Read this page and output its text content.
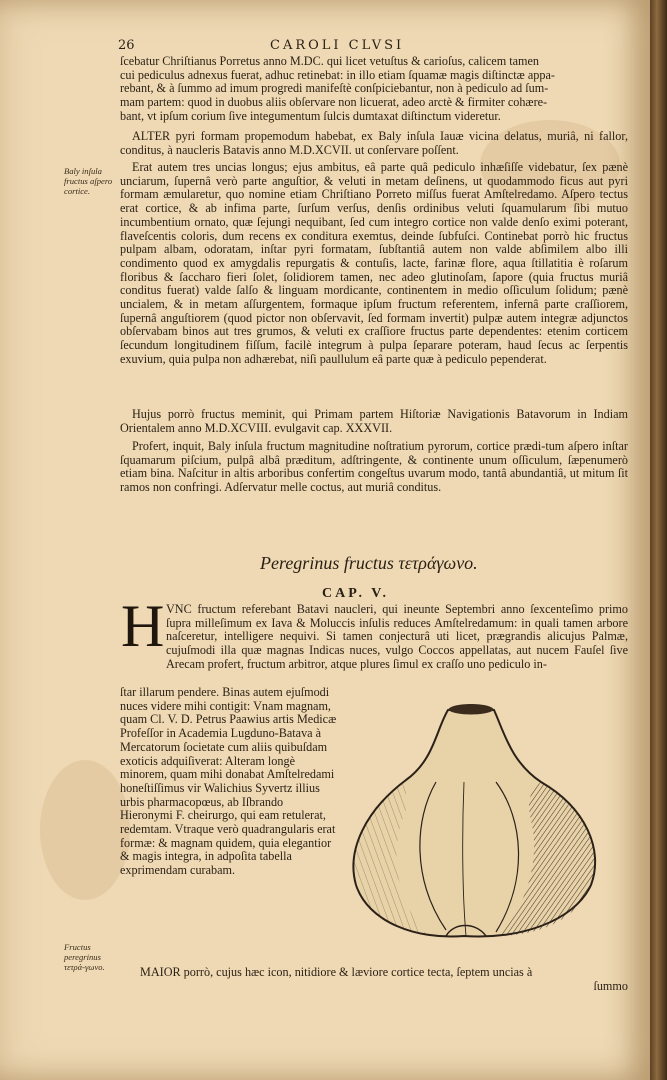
26	CAROLI CLVSI

ſcebatur Chriſtianus Porretus anno M.DC. qui licet vetuſtus & carioſus, calicem tamen

cui pediculus adnexus fuerat, adhuc retinebat: in illo etiam ſquamæ magis diſtinctæ appa-

rebant, & à ſummo ad imum progredi manifeſtè conſpiciebantur, non à pediculo ad ſum-

mam partem: quod in duobus aliis obſervare non licuerat, adeo arctè & firmiter cohære-

bant, vt ipſum corium ſive integumentum ſulcis dumtaxat diſtinctum videretur.

ALTER pyri formam propemodum habebat, ex Baly inſula Iauæ vicina delatus, muriâ, ni fallor, conditus, à naucleris Batavis anno M.D.XCVII. ut conſervare poſſent.

Baly inſula fructus aſpero cortice.

Erat autem tres uncias longus; ejus ambitus, eâ parte quâ pediculo inhæſiſſe videbatur, ſex pænè unciarum, ſupernâ verò parte anguſtior, & veluti in metam deſinens, ut quodammodo ficus aut pyri formam æmularetur, quo nomine etiam Chriſtiano Porreto miſſus fuerat Amſtelredamo. Aſpero tectus erat cortice, & ab infima parte, ſurſum verſus, denſis ordinibus veluti ſquamularum ſibi mutuo incumbentium ornato, quæ ſejungi nequibant, ſed cum integro cortice non valde denſo eximi poterant, flaveſcentis coloris, dum recens ex conditura exemtus, deinde ſubfuſci. Continebat porrò hic fructus pulpam albam, odoratam, inſtar pyri formatam, ſubſtantiâ autem non valde abſimilem albo illi condimento quod ex amygdalis repurgatis & contuſis, lacte, farinæ flore, aqua ſtillatitia è roſarum floribus & ſaccharo fieri ſolet, ſolidiorem tamen, nec adeo glutinoſam, ſapore (quia fructus muriâ conditus fuerat) valde ſalſo & linguam mordicante, continentem in medio oſſiculum ſolidum; pænè uncialem, & in metam aſſurgentem, formaque ipſum fructum referentem, infernâ parte craſſiorem, ſupernâ anguſtiorem (quod pictor non obſervavit, ſed formam invertit) pulpæ autem integræ adjunctos obſervabam binos aut tres grumos, & veluti ex craſſiore fructus parte dependentes: etenim corticem ſecundum longitudinem fiſſum, facilè integrum à pulpa ſeparare poteram, haud ſecus ac ſerpentis exuvium, quia pulpa non adhærebat, niſi paullulum eâ parte quæ à pediculo pependerat.

Hujus porrò fructus meminit, qui Primam partem Hiſtoriæ Navigationis Batavorum in Indiam Orientalem anno M.D.XCVIII. evulgavit cap. XXXVII.

Profert, inquit, Baly inſula fructum magnitudine noſtratium pyrorum, cortice prædi-tum aſpero inſtar ſquamarum piſcium, pulpâ albâ præditum, adſtringente, & continente unum oſſiculum, ſæpenumerò etiam bina. Naſcitur in altis arboribus confertim congeſtus uvarum modo, tantâ abundantiâ, ut mitum ſit ramos non confringi. Adſervatur melle coctus, aut muriâ conditus.

Peregrinus fructus τετράγωνο.
CAP. V.
H VNC fructum referebant Batavi naucleri, qui ineunte Septembri anno ſexcenteſimo primo ſupra milleſimum ex Iava & Moluccis inſulis reduces Amſtelredamum: in quali tamen arbore naſceretur, intelligere nequivi. Si tamen conjecturâ uti licet, prægrandis alicujus Palmæ, cujuſmodi illa quæ magnas Indicas nuces, vulgo Coccos appellatas, aut nucem Fauſel ſive Arecam profert, fructum arbitror, atque plures ſimul ex craſſo uno pediculo in-

ſtar illarum pendere. Binas autem ejuſmodi nuces videre mihi contigit: Vnam magnam, quam Cl. V. D. Petrus Paawius artis Medicæ Profeſſor in Academia Lugduno-Batava à Mercatorum ſocietate cum aliis quibuſdam exoticis adquiſiverat: Alteram longè minorem, quam mihi donabat Amſtelredami honeſtiſſimus vir Walichius Syvertz illius urbis pharmacopœus, ab Iſbrando Hieronymi F. cheirurgo, qui eam retulerat, redemtam. Vtraque verò quadrangularis erat formæ: & magnam quidem, quia elegantior & magis integra, in adpoſita tabella exprimendam curabam.

Fructus peregrinus τετρά-γωνο.	MAIOR porrò, cujus hæc icon, nitidiore & læviore cortice tecta, ſeptem uncias à

ſummo
